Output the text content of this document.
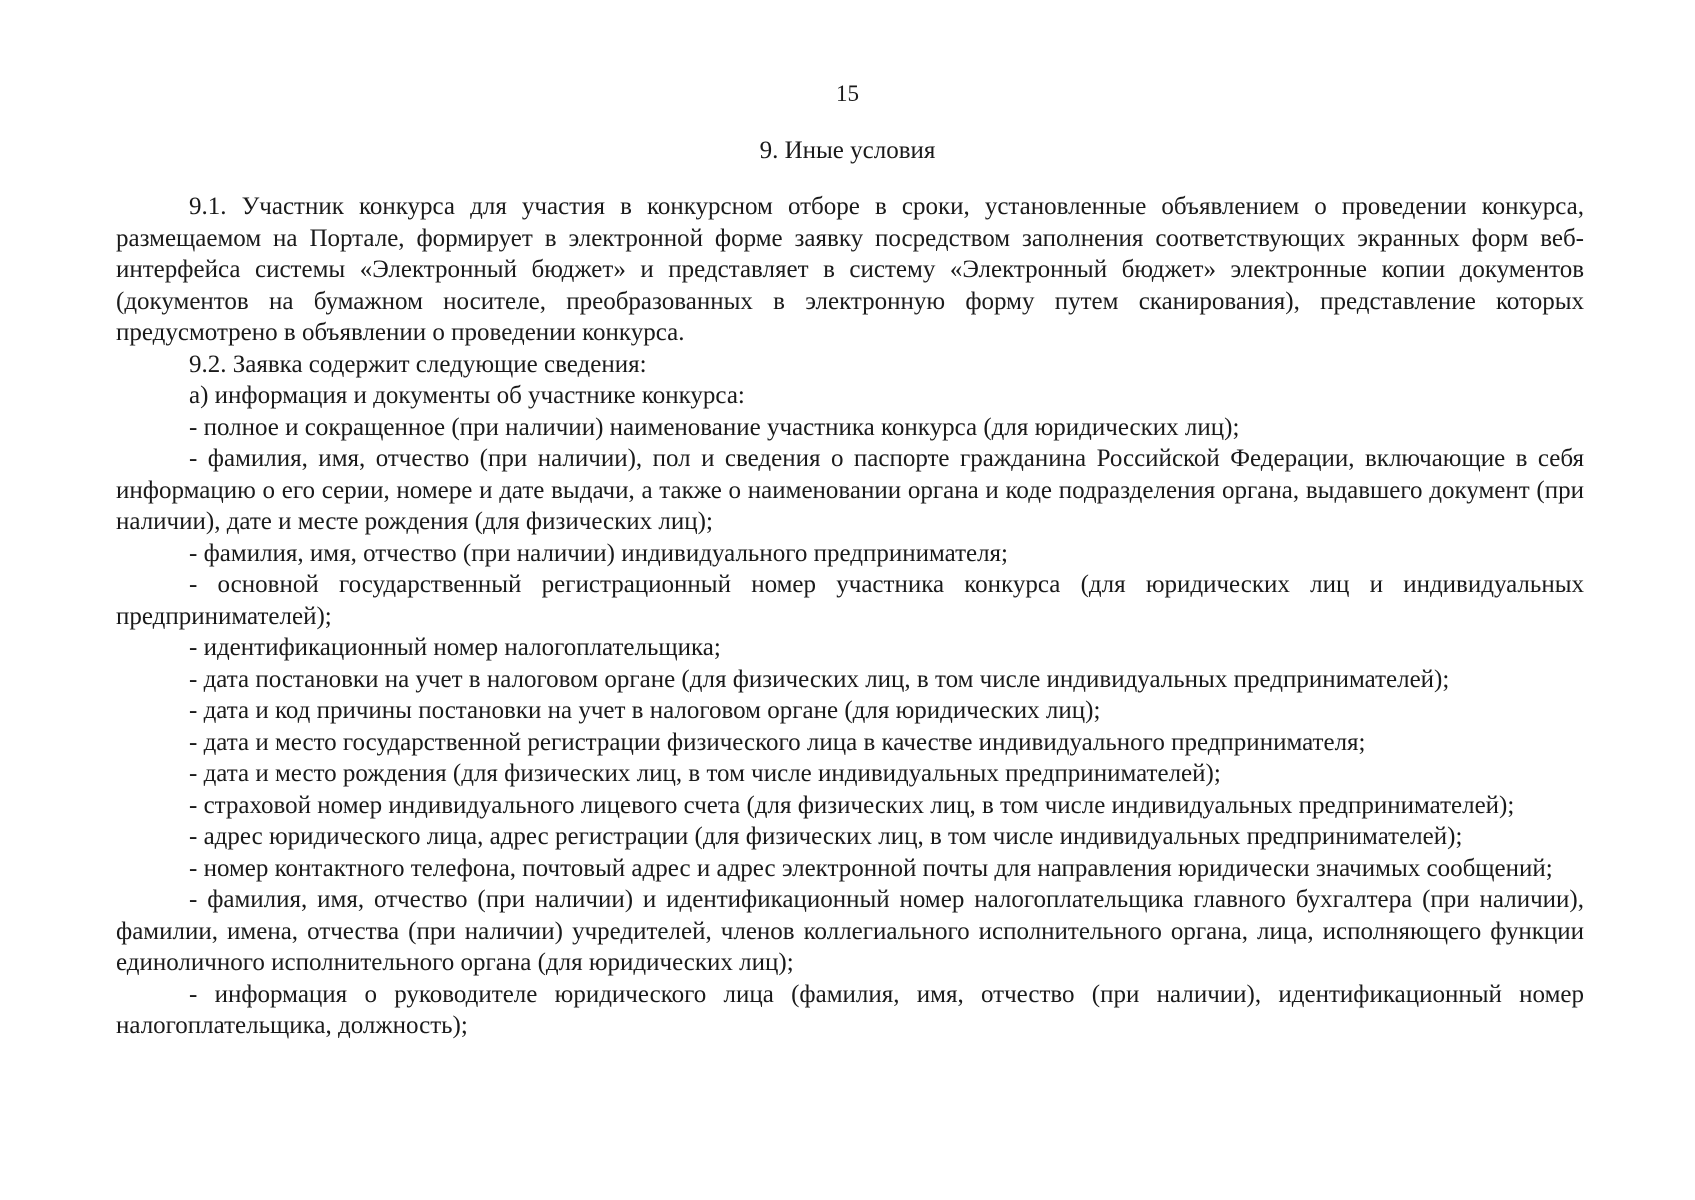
15
9. Иные условия

9.1. Участник конкурса для участия в конкурсном отборе в сроки, установленные объявлением о проведении конкурса, размещаемом на Портале, формирует в электронной форме заявку посредством заполнения соответствующих экранных форм веб-интерфейса системы «Электронный бюджет» и представляет в систему «Электронный бюджет» электронные копии документов (документов на бумажном носителе, преобразованных в электронную форму путем сканирования), представление которых предусмотрено в объявлении о проведении конкурса.

9.2. Заявка содержит следующие сведения:

а) информация и документы об участнике конкурса:

- полное и сокращенное (при наличии) наименование участника конкурса (для юридических лиц);

- фамилия, имя, отчество (при наличии), пол и сведения о паспорте гражданина Российской Федерации, включающие в себя информацию о его серии, номере и дате выдачи, а также о наименовании органа и коде подразделения органа, выдавшего документ (при наличии), дате и месте рождения (для физических лиц);

- фамилия, имя, отчество (при наличии) индивидуального предпринимателя;

- основной государственный регистрационный номер участника конкурса (для юридических лиц и индивидуальных предпринимателей);

- идентификационный номер налогоплательщика;

- дата постановки на учет в налоговом органе (для физических лиц, в том числе индивидуальных предпринимателей);

- дата и код причины постановки на учет в налоговом органе (для юридических лиц);

- дата и место государственной регистрации физического лица в качестве индивидуального предпринимателя;

- дата и место рождения (для физических лиц, в том числе индивидуальных предпринимателей);

- страховой номер индивидуального лицевого счета (для физических лиц, в том числе индивидуальных предпринимателей);

- адрес юридического лица, адрес регистрации (для физических лиц, в том числе индивидуальных предпринимателей);

- номер контактного телефона, почтовый адрес и адрес электронной почты для направления юридически значимых сообщений;

- фамилия, имя, отчество (при наличии) и идентификационный номер налогоплательщика главного бухгалтера (при наличии), фамилии, имена, отчества (при наличии) учредителей, членов коллегиального исполнительного органа, лица, исполняющего функции единоличного исполнительного органа (для юридических лиц);

- информация о руководителе юридического лица (фамилия, имя, отчество (при наличии), идентификационный номер налогоплательщика, должность);
